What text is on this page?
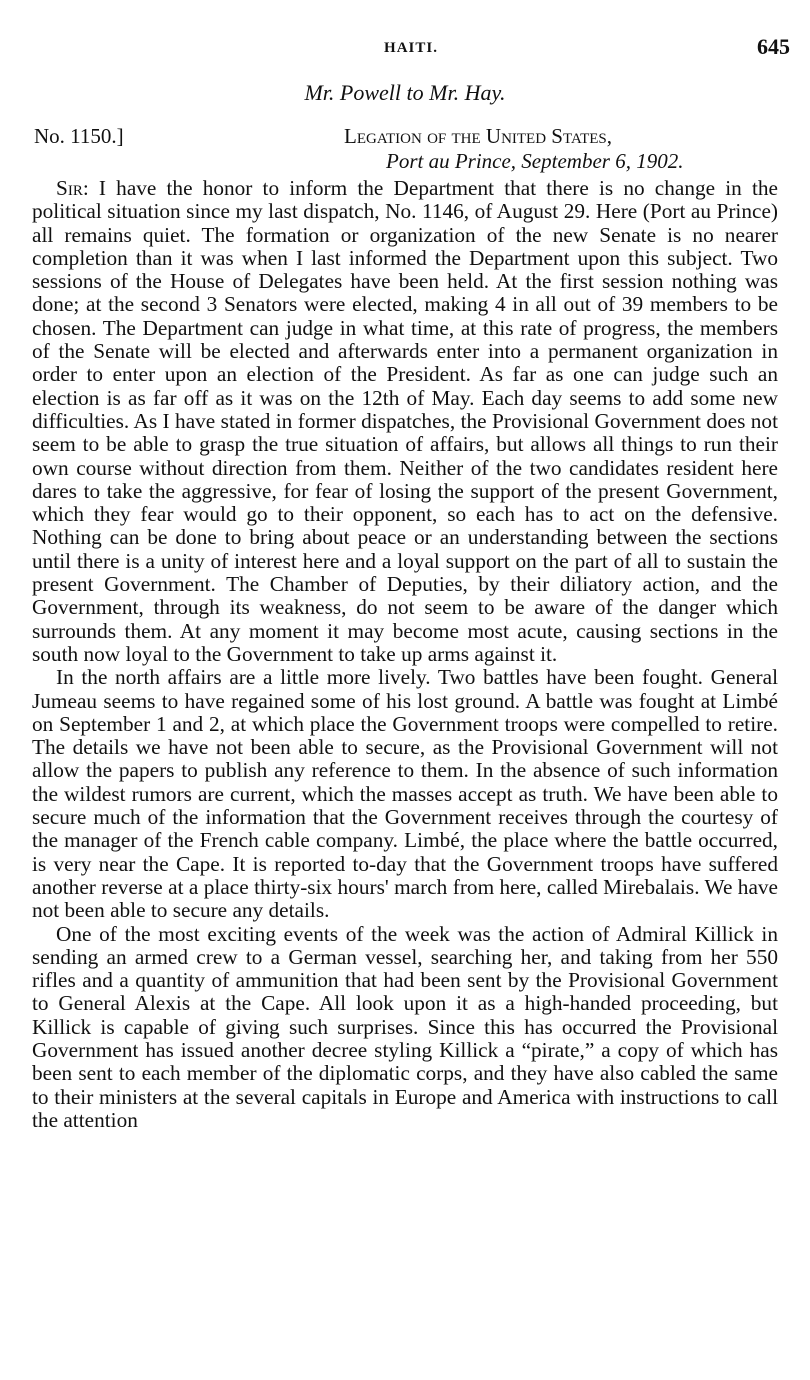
HAITI.	645
Mr. Powell to Mr. Hay.
No. 1150.]	Legation of the United States,
Port au Prince, September 6, 1902.

Sir: I have the honor to inform the Department that there is no change in the political situation since my last dispatch, No. 1146, of August 29. Here (Port au Prince) all remains quiet. The formation or organization of the new Senate is no nearer completion than it was when I last informed the Department upon this subject. Two sessions of the House of Delegates have been held. At the first session nothing was done; at the second 3 Senators were elected, making 4 in all out of 39 members to be chosen. The Department can judge in what time, at this rate of progress, the members of the Senate will be elected and afterwards enter into a permanent organization in order to enter upon an election of the President. As far as one can judge such an election is as far off as it was on the 12th of May. Each day seems to add some new difficulties. As I have stated in former dispatches, the Provisional Government does not seem to be able to grasp the true situation of affairs, but allows all things to run their own course without direction from them. Neither of the two candidates resident here dares to take the aggressive, for fear of losing the support of the present Government, which they fear would go to their opponent, so each has to act on the defensive. Nothing can be done to bring about peace or an understanding between the sections until there is a unity of interest here and a loyal support on the part of all to sustain the present Government. The Chamber of Deputies, by their diliatory action, and the Government, through its weakness, do not seem to be aware of the danger which surrounds them. At any moment it may become most acute, causing sections in the south now loyal to the Government to take up arms against it.

In the north affairs are a little more lively. Two battles have been fought. General Jumeau seems to have regained some of his lost ground. A battle was fought at Limbé on September 1 and 2, at which place the Government troops were compelled to retire. The details we have not been able to secure, as the Provisional Government will not allow the papers to publish any reference to them. In the absence of such information the wildest rumors are current, which the masses accept as truth. We have been able to secure much of the information that the Government receives through the courtesy of the manager of the French cable company. Limbé, the place where the battle occurred, is very near the Cape. It is reported to-day that the Government troops have suffered another reverse at a place thirty-six hours' march from here, called Mirebalais. We have not been able to secure any details.

One of the most exciting events of the week was the action of Admiral Killick in sending an armed crew to a German vessel, searching her, and taking from her 550 rifles and a quantity of ammunition that had been sent by the Provisional Government to General Alexis at the Cape. All look upon it as a high-handed proceeding, but Killick is capable of giving such surprises. Since this has occurred the Provisional Government has issued another decree styling Killick a “pirate,” a copy of which has been sent to each member of the diplomatic corps, and they have also cabled the same to their ministers at the several capitals in Europe and America with instructions to call the attention
